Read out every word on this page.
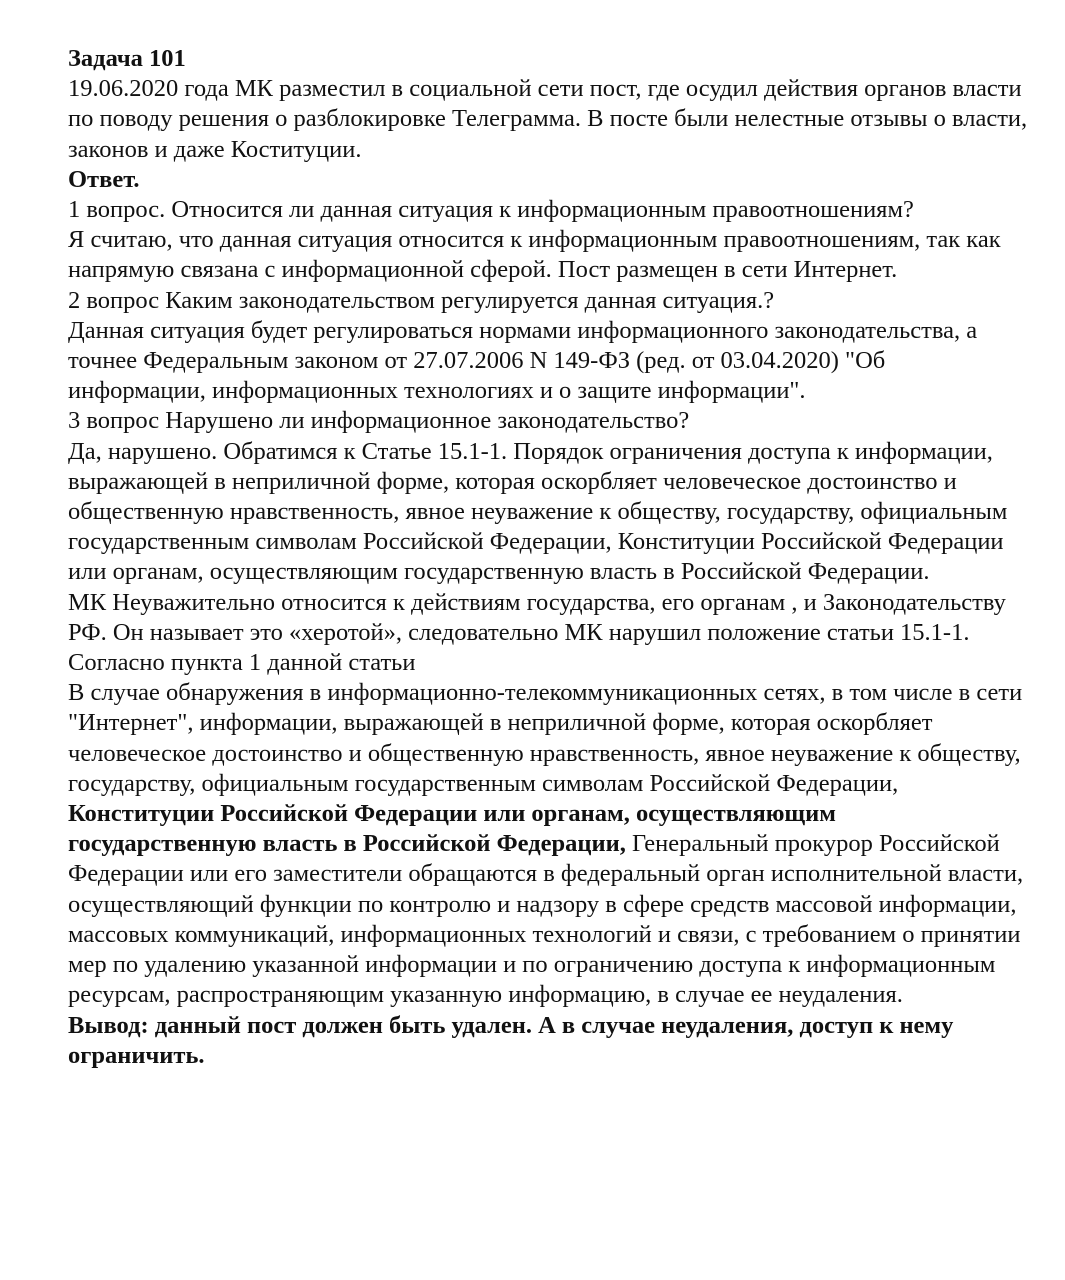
Задача 101
19.06.2020 года МК разместил в социальной сети пост, где осудил действия органов власти по поводу решения о разблокировке Телеграмма. В посте были нелестные отзывы о власти, законов и даже Коституции.
Ответ.
1 вопрос. Относится ли данная ситуация к информационным правоотношениям?
Я считаю, что данная ситуация относится к информационным правоотношениям, так как напрямую связана с информационной сферой. Пост размещен в сети Интернет.
2 вопрос Каким законодательством регулируется данная ситуация.?
Данная ситуация будет регулироваться нормами информационного законодательства, а точнее Федеральным законом от 27.07.2006 N 149-ФЗ (ред. от 03.04.2020) "Об информации, информационных технологиях и о защите информации".
3 вопрос Нарушено ли информационное законодательство?
Да, нарушено. Обратимся к Статье 15.1-1. Порядок ограничения доступа к информации, выражающей в неприличной форме, которая оскорбляет человеческое достоинство и общественную нравственность, явное неуважение к обществу, государству, официальным государственным символам Российской Федерации, Конституции Российской Федерации или органам, осуществляющим государственную власть в Российской Федерации.
МК Неуважительно относится к действиям государства, его органам , и Законодательству РФ. Он называет это «херотой», следовательно МК нарушил положение статьи 15.1-1.
Согласно пункта 1 данной статьи
В случае обнаружения в информационно-телекоммуникационных сетях, в том числе в сети "Интернет", информации, выражающей в неприличной форме, которая оскорбляет человеческое достоинство и общественную нравственность, явное неуважение к обществу, государству, официальным государственным символам Российской Федерации, Конституции Российской Федерации или органам, осуществляющим государственную власть в Российской Федерации, Генеральный прокурор Российской Федерации или его заместители обращаются в федеральный орган исполнительной власти, осуществляющий функции по контролю и надзору в сфере средств массовой информации, массовых коммуникаций, информационных технологий и связи, с требованием о принятии мер по удалению указанной информации и по ограничению доступа к информационным ресурсам, распространяющим указанную информацию, в случае ее неудаления.
Вывод: данный пост должен быть удален. А в случае неудаления, доступ к нему ограничить.
